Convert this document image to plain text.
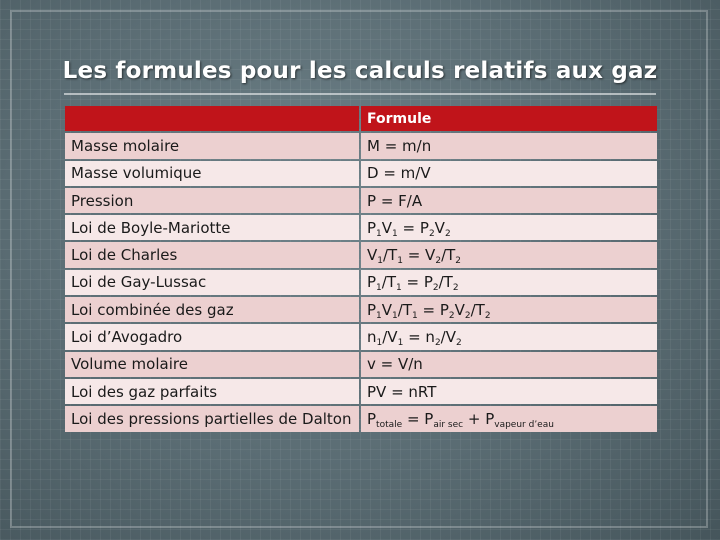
Les formules pour les calculs relatifs aux gaz
	Formule
Masse molaire	M = m/n
Masse volumique	D = m/V
Pression	P = F/A
Loi de Boyle-Mariotte	$P_1V_1 = P_2V_2$
Loi de Charles	$V_1/T_1 = V_2/T_2$
Loi de Gay-Lussac	$P_1/T_1 = P_2/T_2$
Loi combinée des gaz	$P_1V_1/T_1 = P_2V_2/T_2$
Loi d’Avogadro	$n_1/V_1 = n_2/V_2$
Volume molaire	v = V/n
Loi des gaz parfaits	PV = nRT
Loi des pressions partielles de Dalton	$P_{totale} = P_{air sec} + P_{vapeur d’eau}$
